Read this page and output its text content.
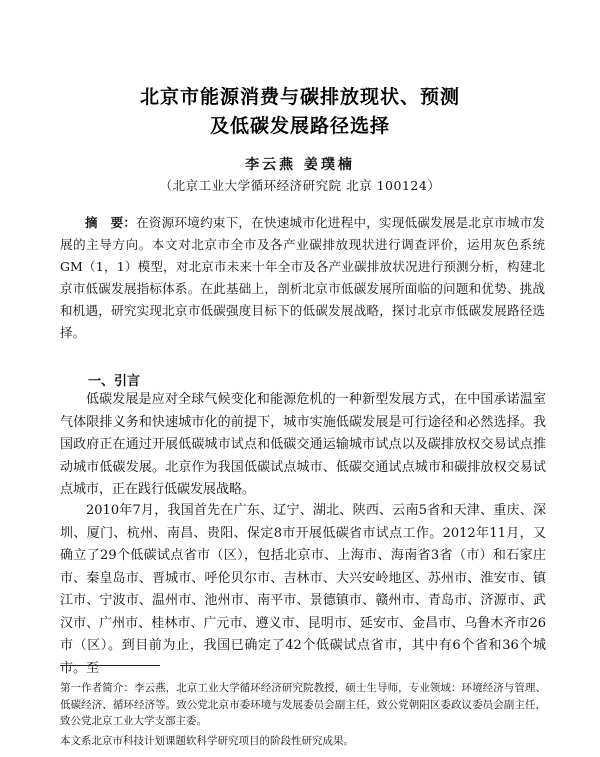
北京市能源消费与碳排放现状、预测
及低碳发展路径选择
李云燕 姜璞楠
（北京工业大学循环经济研究院 北京 100124）
摘　要：在资源环境约束下，在快速城市化进程中，实现低碳发展是北京市城市发展的主导方向。本文对北京市全市及各产业碳排放现状进行调查评价，运用灰色系统GM（1，1）模型，对北京市未来十年全市及各产业碳排放状况进行预测分析，构建北京市低碳发展指标体系。在此基础上，剖析北京市低碳发展所面临的问题和优势、挑战和机遇，研究实现北京市低碳强度目标下的低碳发展战略，探讨北京市低碳发展路径选择。
一、引言
低碳发展是应对全球气候变化和能源危机的一种新型发展方式，在中国承诺温室气体限排义务和快速城市化的前提下，城市实施低碳发展是可行途径和必然选择。我国政府正在通过开展低碳城市试点和低碳交通运输城市试点以及碳排放权交易试点推动城市低碳发展。北京作为我国低碳试点城市、低碳交通试点城市和碳排放权交易试点城市，正在践行低碳发展战略。
2010年7月，我国首先在广东、辽宁、湖北、陕西、云南5省和天津、重庆、深圳、厦门、杭州、南昌、贵阳、保定8市开展低碳省市试点工作。2012年11月，又确立了29个低碳试点省市（区），包括北京市、上海市、海南省3省（市）和石家庄市、秦皇岛市、晋城市、呼伦贝尔市、吉林市、大兴安岭地区、苏州市、淮安市、镇江市、宁波市、温州市、池州市、南平市、景德镇市、赣州市、青岛市、济源市、武汉市、广州市、桂林市、广元市、遵义市、昆明市、延安市、金昌市、乌鲁木齐市26市（区）。到目前为止，我国已确定了42个低碳试点省市，其中有6个省和36个城市。至
第一作者简介：李云燕，北京工业大学循环经济研究院教授，硕士生导师，专业领域：环境经济与管理、低碳经济、循环经济等。致公党北京市委环境与发展委员会副主任，致公党朝阳区委政议委员会副主任，致公党北京工业大学支部主委。
本文系北京市科技计划课题软科学研究项目的阶段性研究成果。
